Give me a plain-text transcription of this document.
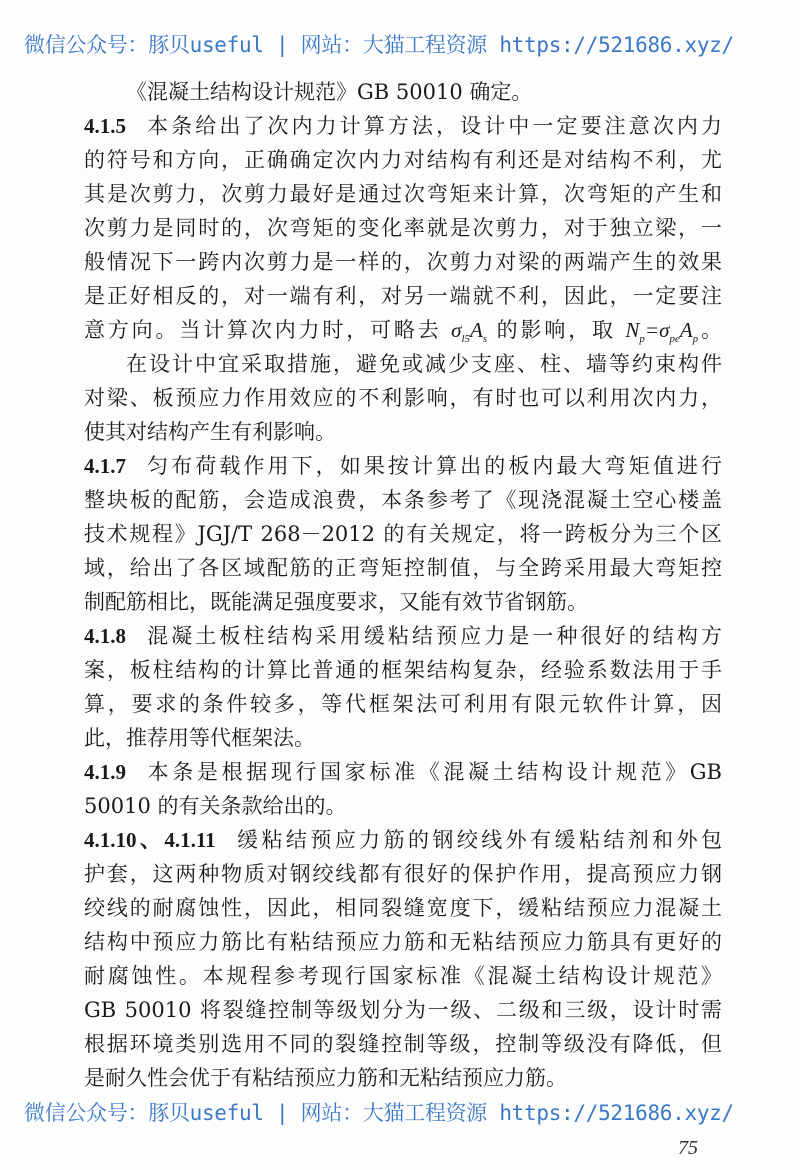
微信公众号：豚贝useful | 网站：大猫工程资源 https://521686.xyz/
《混凝土结构设计规范》GB 50010 确定。
4.1.5 本条给出了次内力计算方法，设计中一定要注意次内力
的符号和方向，正确确定次内力对结构有利还是对结构不利，尤
其是次剪力，次剪力最好是通过次弯矩来计算，次弯矩的产生和
次剪力是同时的，次弯矩的变化率就是次剪力，对于独立梁，一
般情况下一跨内次剪力是一样的，次剪力对梁的两端产生的效果
是正好相反的，对一端有利，对另一端就不利，因此，一定要注
意方向。当计算次内力时，可略去 $\sigma_{l5}A_s$ 的影响，取 $N_p=\sigma_{pe}A_p$。
在设计中宜采取措施，避免或减少支座、柱、墙等约束构件
对梁、板预应力作用效应的不利影响，有时也可以利用次内力，
使其对结构产生有利影响。
4.1.7 匀布荷载作用下，如果按计算出的板内最大弯矩值进行
整块板的配筋，会造成浪费，本条参考了《现浇混凝土空心楼盖
技术规程》JGJ/T 268－2012 的有关规定，将一跨板分为三个区
域，给出了各区域配筋的正弯矩控制值，与全跨采用最大弯矩控
制配筋相比，既能满足强度要求，又能有效节省钢筋。
4.1.8 混凝土板柱结构采用缓粘结预应力是一种很好的结构方
案，板柱结构的计算比普通的框架结构复杂，经验系数法用于手
算，要求的条件较多，等代框架法可利用有限元软件计算，因
此，推荐用等代框架法。
4.1.9 本条是根据现行国家标准《混凝土结构设计规范》GB
50010 的有关条款给出的。
4.1.10、4.1.11 缓粘结预应力筋的钢绞线外有缓粘结剂和外包
护套，这两种物质对钢绞线都有很好的保护作用，提高预应力钢
绞线的耐腐蚀性，因此，相同裂缝宽度下，缓粘结预应力混凝土
结构中预应力筋比有粘结预应力筋和无粘结预应力筋具有更好的
耐腐蚀性。本规程参考现行国家标准《混凝土结构设计规范》
GB 50010 将裂缝控制等级划分为一级、二级和三级，设计时需
根据环境类别选用不同的裂缝控制等级，控制等级没有降低，但
是耐久性会优于有粘结预应力筋和无粘结预应力筋。
微信公众号：豚贝useful | 网站：大猫工程资源 https://521686.xyz/
75
